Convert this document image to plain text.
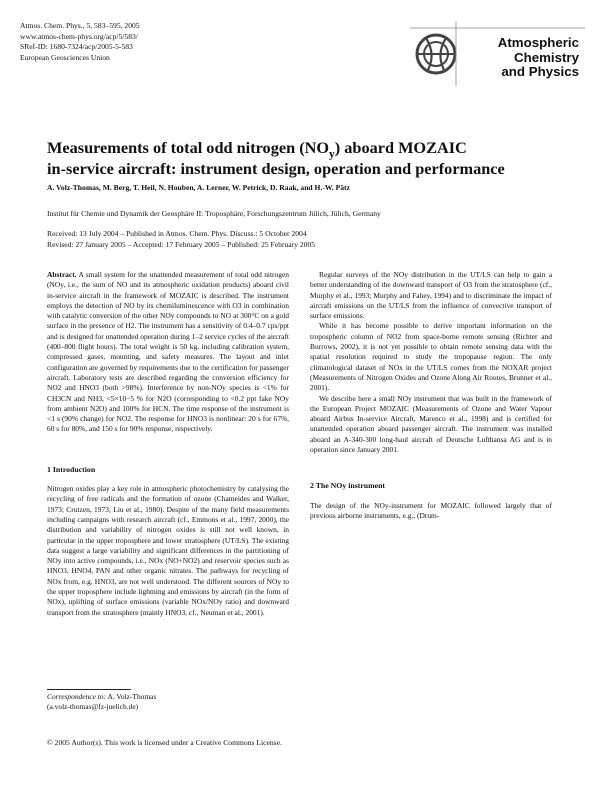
Atmos. Chem. Phys., 5, 583–595, 2005
www.atmos-chem-phys.org/acp/5/583/
SRef-ID: 1680-7324/acp/2005-5-583
European Geosciences Union
Atmospheric
Chemistry
and Physics
Measurements of total odd nitrogen $(NO_y)$ aboard MOZAIC
in-service aircraft: instrument design, operation and performance
A. Volz-Thomas, M. Berg, T. Heil, N. Houben, A. Lerner, W. Petrick, D. Raak, and H.-W. Pätz
Institut für Chemie und Dynamik der Geosphäre II: Troposphäre, Forschungszentrum Jülich, Jülich, Germany
Received: 13 July 2004 – Published in Atmos. Chem. Phys. Discuss.: 5 October 2004
Revised: 27 January 2005 – Accepted: 17 February 2005 – Published: 25 February 2005

Abstract. A small system for the unattended measurement of total odd nitrogen (NOy, i.e., the sum of NO and its atmospheric oxidation products) aboard civil in-service aircraft in the framework of MOZAIC is described. The instrument employs the detection of NO by its chemiluminescence with O3 in combination with catalytic conversion of the other NOy compounds to NO at 300°C on a gold surface in the presence of H2. The instrument has a sensitivity of 0.4–0.7 cps/ppt and is designed for unattended operation during 1–2 service cycles of the aircraft (400–800 flight hours). The total weight is 50 kg, including calibration system, compressed gases, mounting, and safety measures. The layout and inlet configuration are governed by requirements due to the certification for passenger aircraft. Laboratory tests are described regarding the conversion efficiency for NO2 and HNO3 (both >98%). Interference by non-NOy species is <1% for CH3CN and NH3, <5×10−5 % for N2O (corresponding to <0.2 ppt fake NOy from ambient N2O) and 100% for HCN. The time response of the instrument is <1 s (90% change) for NO2. The response for HNO3 is nonlinear: 20 s for 67%, 60 s for 80%, and 150 s for 90% response, respectively.

1 Introduction

Nitrogen oxides play a key role in atmospheric photochemistry by catalysing the recycling of free radicals and the formation of ozone (Chameides and Walker, 1973; Crutzen, 1973; Liu et al., 1980). Despite of the many field measurements including campaigns with research aircraft (cf., Emmons et al., 1997, 2000), the distribution and variability of nitrogen oxides is still not well known, in particular in the upper troposphere and lower stratosphere (UT/LS). The existing data suggest a large variability and significant differences in the partitioning of NOy into active compounds, i.e., NOx (NO+NO2) and reservoir species such as HNO3, HNO4, PAN and other organic nitrates. The pathways for recycling of NOx from, e.g. HNO3, are not well understood. The different sources of NOy to the upper troposphere include lightning and emissions by aircraft (in the form of NOx), uplifting of surface emissions (variable NOx/NOy ratio) and downward transport from the stratosphere (mainly HNO3, cf., Neuman et al., 2001).

Regular surveys of the NOy distribution in the UT/LS can help to gain a better understanding of the downward transport of O3 from the stratosphere (cf., Murphy et al., 1993; Murphy and Fahey, 1994) and to discriminate the impact of aircraft emissions on the UT/LS from the influence of convective transport of surface emissions.

While it has become possible to derive important information on the tropospheric column of NO2 from space-borne remote sensing (Richter and Burrows, 2002), it is not yet possible to obtain remote sensing data with the spatial resolution required to study the tropopause region. The only climatological dataset of NOx in the UT/LS comes from the NOXAR project (Measurements of Nitrogen Oxides and Ozone Along Air Routes, Brunner et al., 2001).

We describe here a small NOy instrument that was built in the framework of the European Project MOZAIC (Measurements of Ozone and Water Vapour aboard Airbus In-service Aircraft, Marenco et al., 1998) and is certified for unattended operation aboard passenger aircraft. The instrument was installed aboard an A-340-300 long-haul aircraft of Deutsche Lufthansa AG and is in operation since January 2001.

2 The NOy instrument

The design of the NOy-instrument for MOZAIC followed largely that of previous airborne instruments, e.g., (Drum-

Correspondence to: A. Volz-Thomas
(a.volz-thomas@fz-juelich.de)
© 2005 Author(s). This work is licensed under a Creative Commons License.
